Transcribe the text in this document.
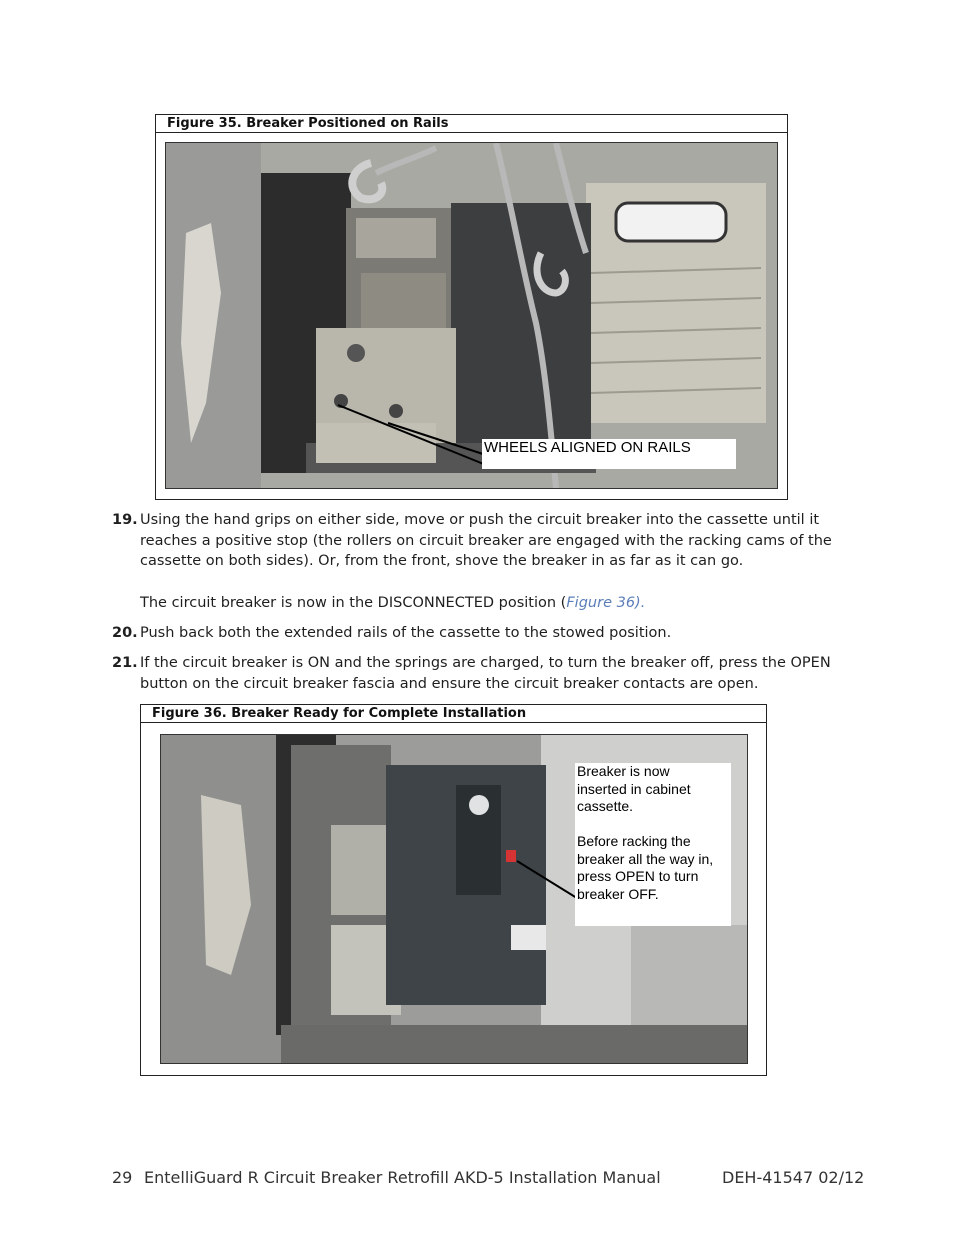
Figure 35. Breaker Positioned on Rails
WHEELS ALIGNED ON RAILS
19. Using the hand grips on either side, move or push the circuit breaker into the cassette until it reaches a positive stop (the rollers on circuit breaker are engaged with the racking cams of the cassette on both sides). Or, from the front, shove the breaker in as far as it can go.
The circuit breaker is now in the DISCONNECTED position (Figure 36).
20. Push back both the extended rails of the cassette to the stowed position.
21. If the circuit breaker is ON and the springs are charged, to turn the breaker off, press the OPEN button on the circuit breaker fascia and ensure the circuit breaker contacts are open.
Figure 36. Breaker Ready for Complete Installation
Breaker is now
inserted in cabinet
cassette.
Before racking the
breaker all the way in,
press OPEN to turn
breaker OFF.
29 EntelliGuard R Circuit Breaker Retrofill AKD-5 Installation Manual	DEH-41547 02/12
